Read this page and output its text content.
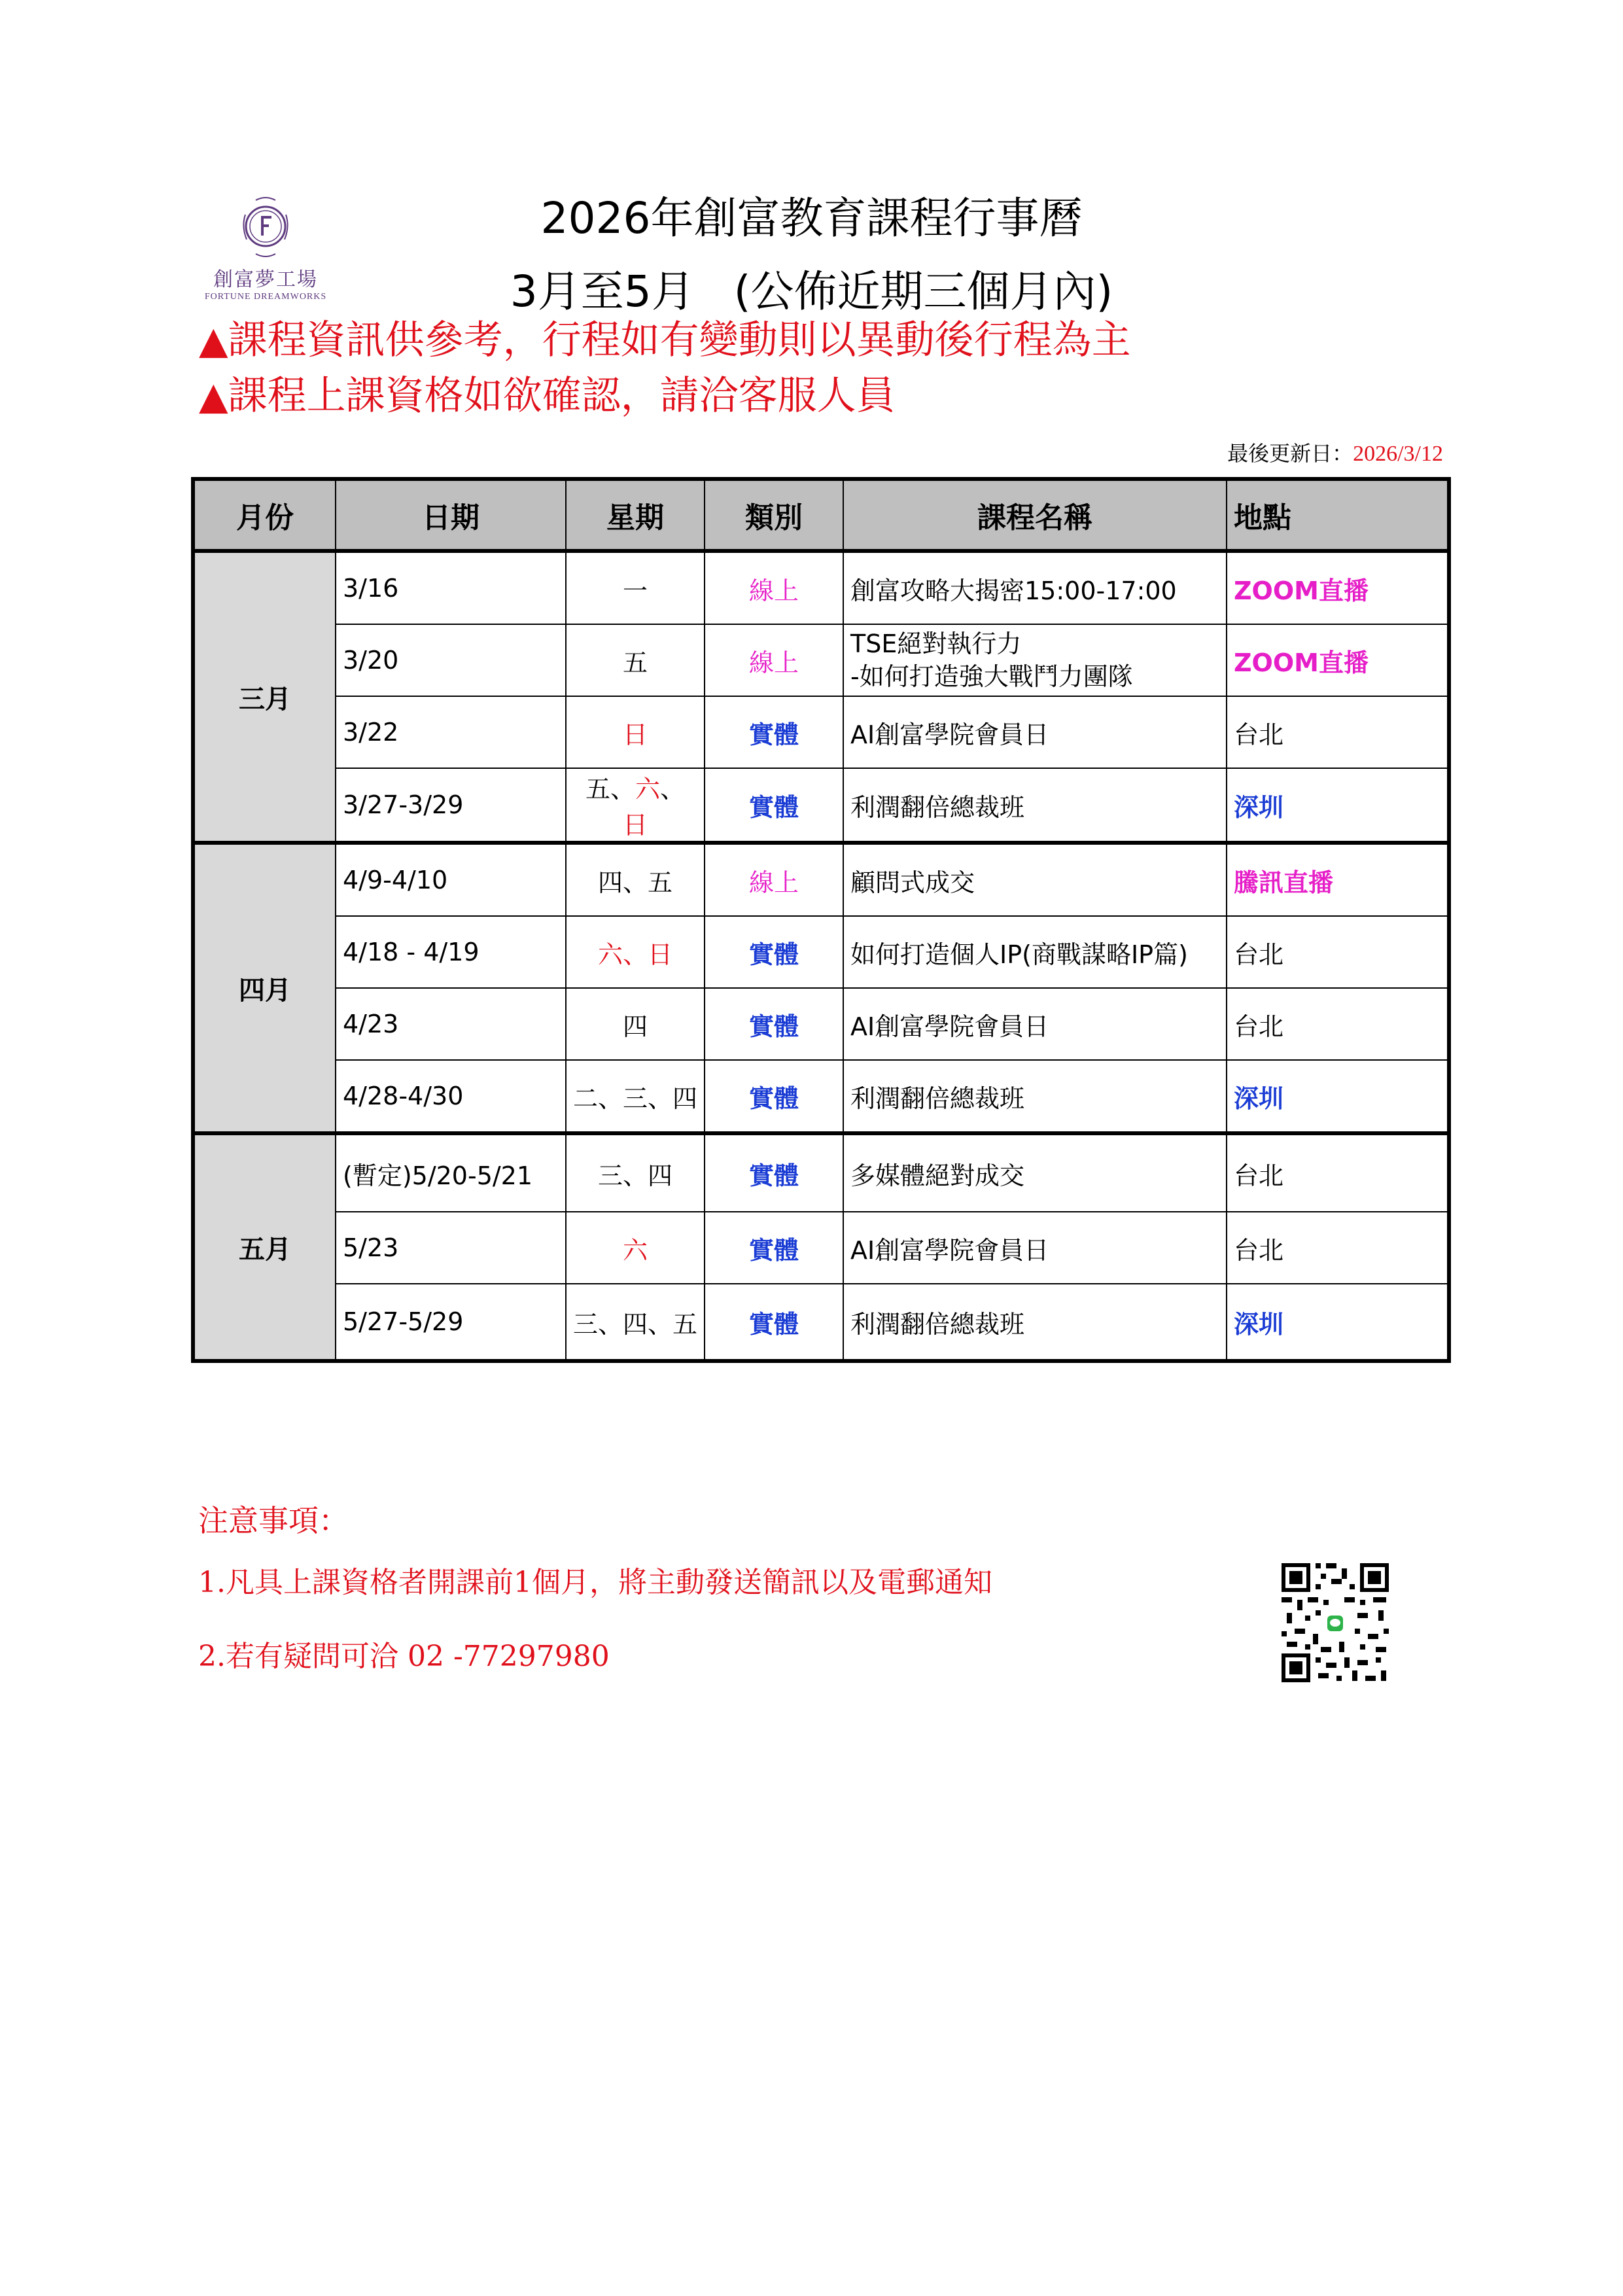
創富夢工場
FORTUNE DREAMWORKS
2026年創富教育課程行事曆
3月至5月 (公佈近期三個月內)
▲課程資訊供參考，行程如有變動則以異動後行程為主
▲課程上課資格如欲確認，請洽客服人員
最後更新日：2026/3/12
月份	日期	星期	類別	課程名稱	地點
三月	3/16	一	線上	創富攻略大揭密15:00-17:00	ZOOM直播
	3/20	五	線上	TSE絕對執行力
-如何打造強大戰鬥力團隊	ZOOM直播
	3/22	日	實體	AI創富學院會員日	台北
	3/27-3/29	五、六、日	實體	利潤翻倍總裁班	深圳
四月	4/9-4/10	四、五	線上	顧問式成交	騰訊直播
	4/18 - 4/19	六、日	實體	如何打造個人IP(商戰謀略IP篇)	台北
	4/23	四	實體	AI創富學院會員日	台北
	4/28-4/30	二、三、四	實體	利潤翻倍總裁班	深圳
五月	(暫定)5/20-5/21	三、四	實體	多媒體絕對成交	台北
	5/23	六	實體	AI創富學院會員日	台北
	5/27-5/29	三、四、五	實體	利潤翻倍總裁班	深圳
注意事項：
1.凡具上課資格者開課前1個月，將主動發送簡訊以及電郵通知
2.若有疑問可洽 02 -77297980
